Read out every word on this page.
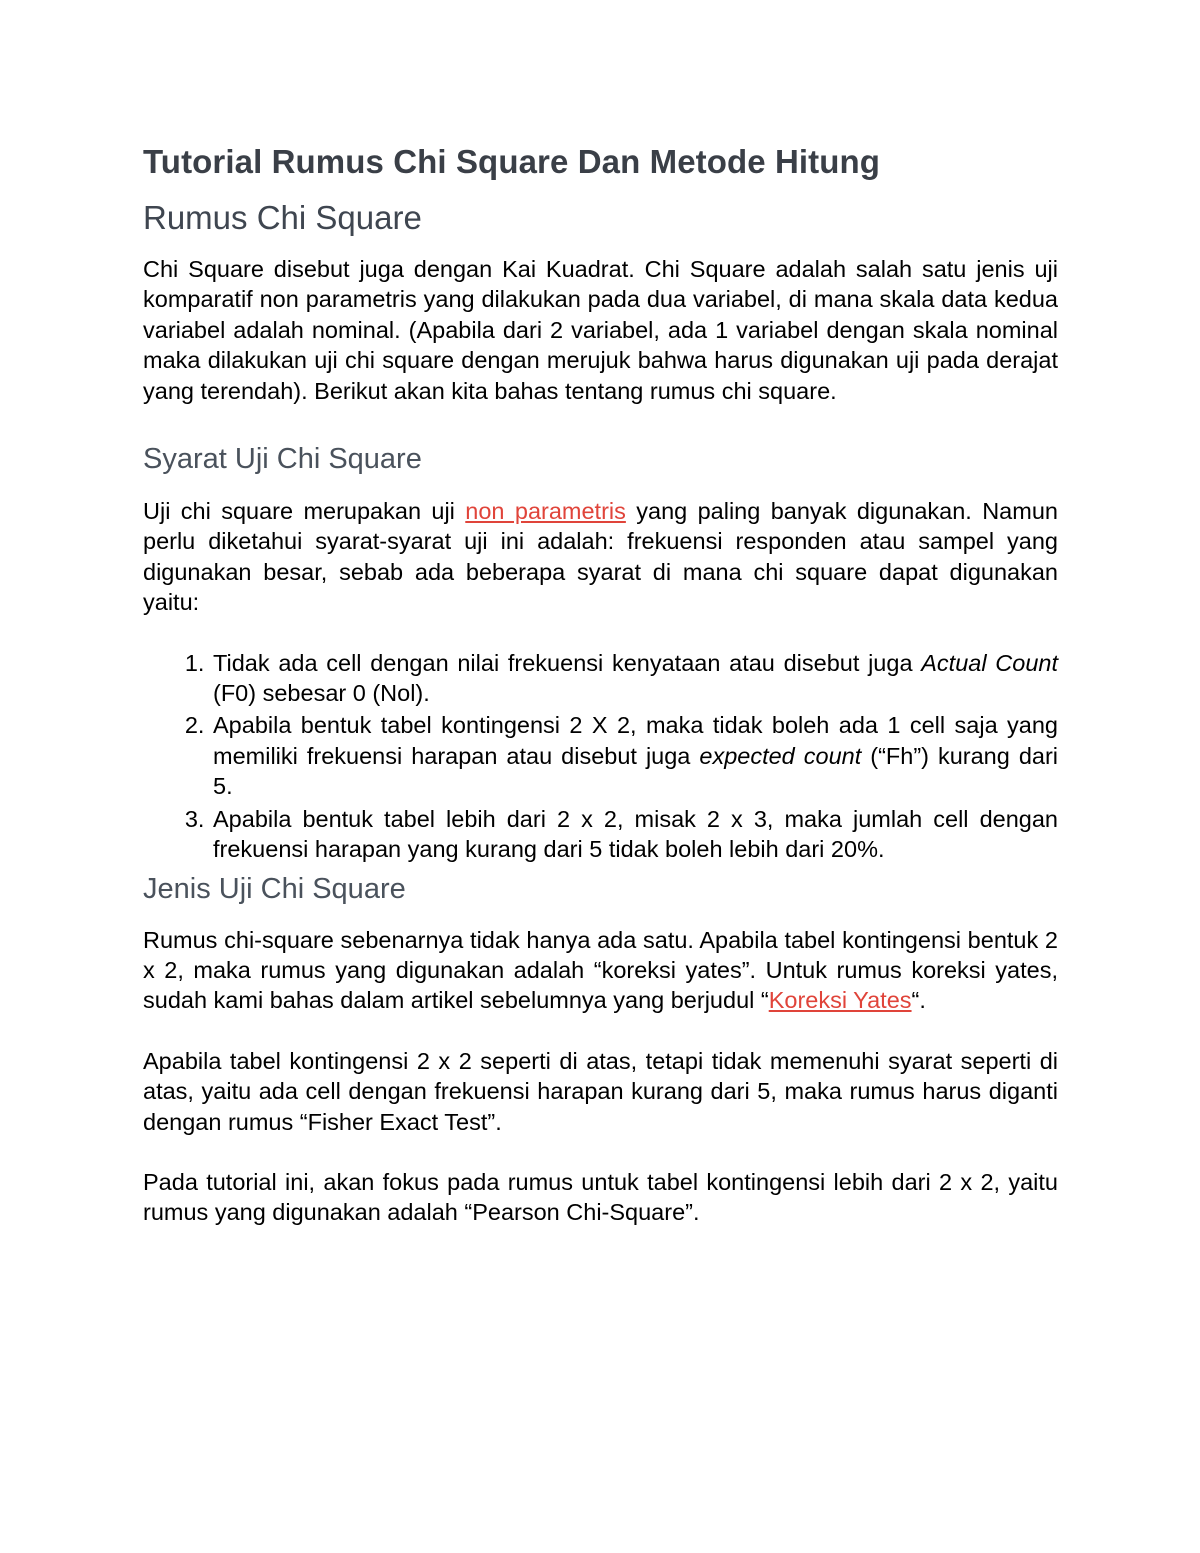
Tutorial Rumus Chi Square Dan Metode Hitung
Rumus Chi Square

Chi Square disebut juga dengan Kai Kuadrat. Chi Square adalah salah satu jenis uji komparatif non parametris yang dilakukan pada dua variabel, di mana skala data kedua variabel adalah nominal. (Apabila dari 2 variabel, ada 1 variabel dengan skala nominal maka dilakukan uji chi square dengan merujuk bahwa harus digunakan uji pada derajat yang terendah). Berikut akan kita bahas tentang rumus chi square.

Syarat Uji Chi Square

Uji chi square merupakan uji non parametris yang paling banyak digunakan. Namun perlu diketahui syarat-syarat uji ini adalah: frekuensi responden atau sampel yang digunakan besar, sebab ada beberapa syarat di mana chi square dapat digunakan yaitu:

1. Tidak ada cell dengan nilai frekuensi kenyataan atau disebut juga Actual Count (F0) sebesar 0 (Nol).
2. Apabila bentuk tabel kontingensi 2 X 2, maka tidak boleh ada 1 cell saja yang memiliki frekuensi harapan atau disebut juga expected count (“Fh”) kurang dari 5.
3. Apabila bentuk tabel lebih dari 2 x 2, misak 2 x 3, maka jumlah cell dengan frekuensi harapan yang kurang dari 5 tidak boleh lebih dari 20%.
Jenis Uji Chi Square

Rumus chi-square sebenarnya tidak hanya ada satu. Apabila tabel kontingensi bentuk 2 x 2, maka rumus yang digunakan adalah “koreksi yates”. Untuk rumus koreksi yates, sudah kami bahas dalam artikel sebelumnya yang berjudul “Koreksi Yates“.

Apabila tabel kontingensi 2 x 2 seperti di atas, tetapi tidak memenuhi syarat seperti di atas, yaitu ada cell dengan frekuensi harapan kurang dari 5, maka rumus harus diganti dengan rumus “Fisher Exact Test”.

Pada tutorial ini, akan fokus pada rumus untuk tabel kontingensi lebih dari 2 x 2, yaitu rumus yang digunakan adalah “Pearson Chi-Square”.
